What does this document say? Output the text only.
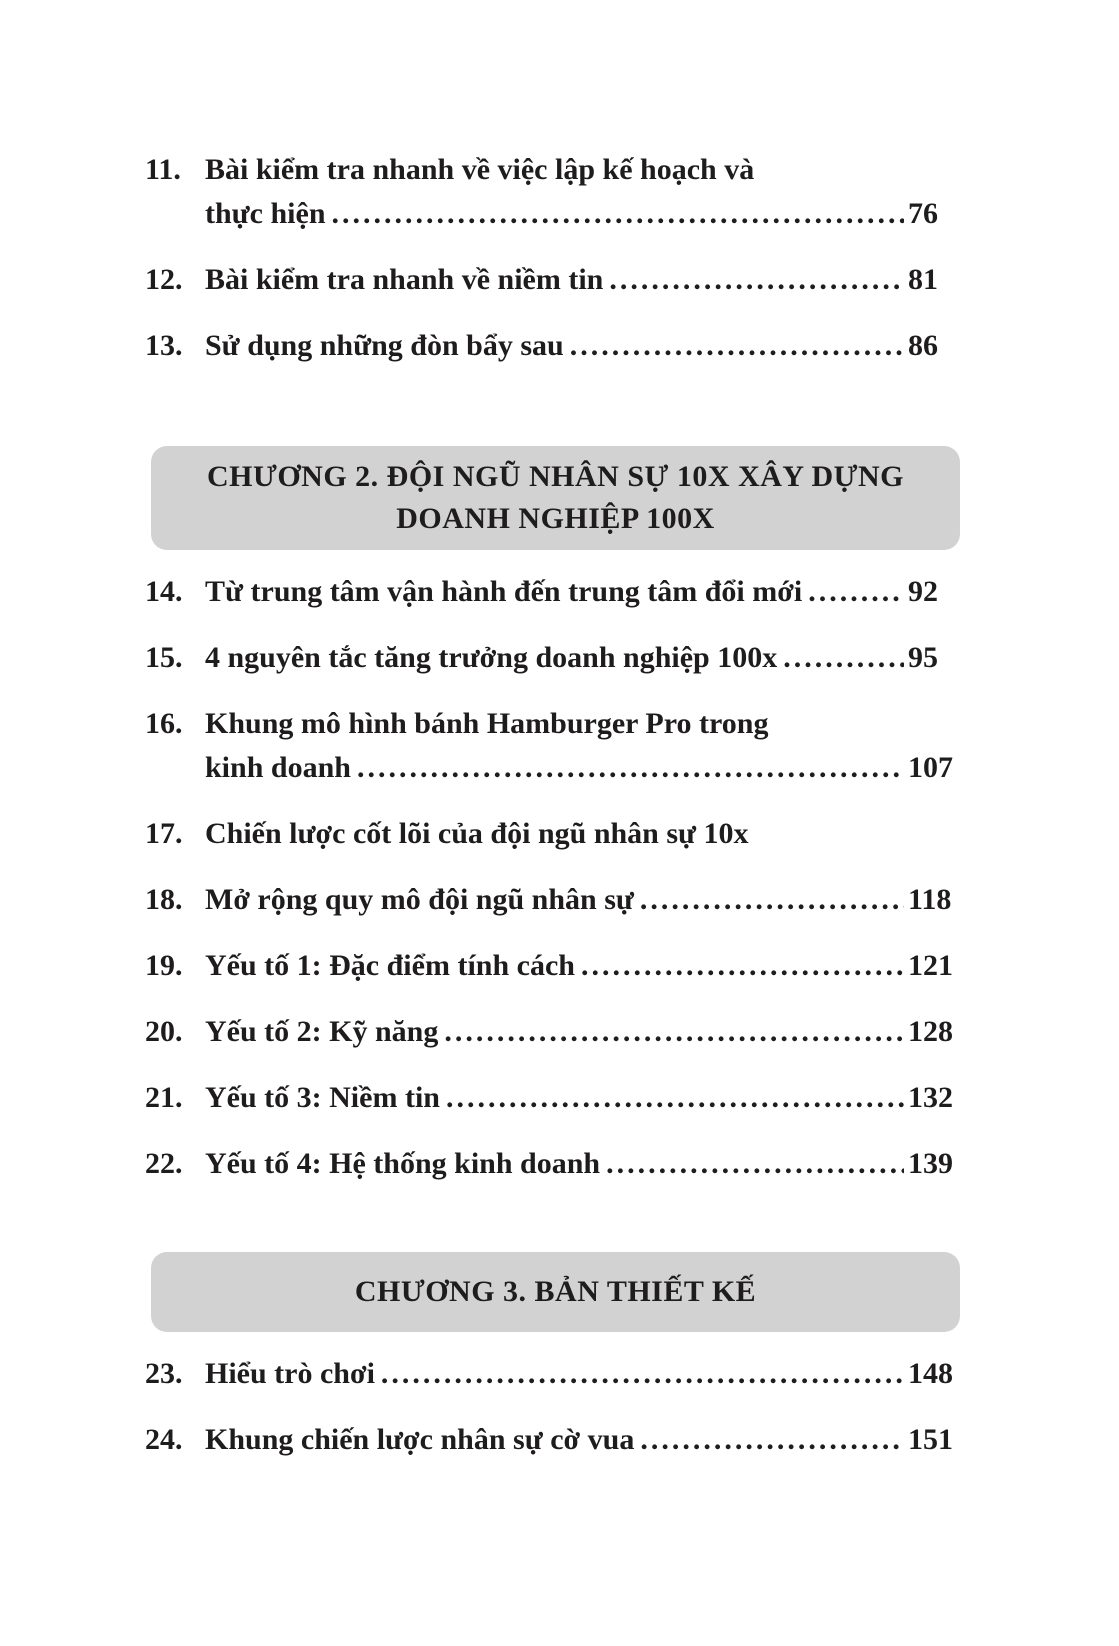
11. Bài kiểm tra nhanh về việc lập kế hoạch và
thực hiện .....	76
12. Bài kiểm tra nhanh về niềm tin .....	81
13. Sử dụng những đòn bẩy sau .....	86
CHƯƠNG 2. ĐỘI NGŨ NHÂN SỰ 10X XÂY DỰNG
DOANH NGHIỆP 100X
14. Từ trung tâm vận hành đến trung tâm đổi mới .....	92
15. 4 nguyên tắc tăng trưởng doanh nghiệp 100x .....	95
16. Khung mô hình bánh Hamburger Pro trong
kinh doanh .....	107
17. Chiến lược cốt lõi của đội ngũ nhân sự 10x
18. Mở rộng quy mô đội ngũ nhân sự .....	118
19. Yếu tố 1: Đặc điểm tính cách .....	121
20. Yếu tố 2: Kỹ năng .....	128
21. Yếu tố 3: Niềm tin .....	132
22. Yếu tố 4: Hệ thống kinh doanh .....	139
CHƯƠNG 3. BẢN THIẾT KẾ
23. Hiểu trò chơi .....	148
24. Khung chiến lược nhân sự cờ vua .....	151
